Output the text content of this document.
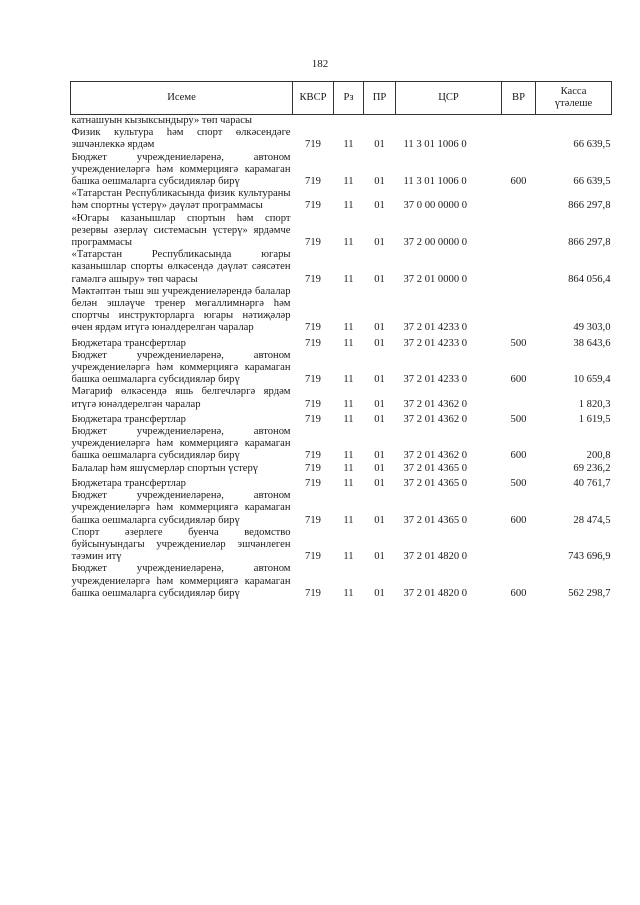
182
Исеме	КВСР	Рз	ПР	ЦСР	ВР	Касса
үтәлеше

катнашуын кызыксындыру» төп чарасы						
Физик культура һәм спорт өлкәсендәге эшчәнлеккә ярдәм	719	11	01	11 3 01 1006 0		66 639,5
Бюджет учреждениеләренә, автоном учреждениеләргә һәм коммерциягә карамаган башка оешмаларга субсидияләр бирү	719	11	01	11 3 01 1006 0	600	66 639,5
«Татарстан Республикасында физик культураны һәм спортны үстерү» дәүләт программасы	719	11	01	37 0 00 0000 0		866 297,8
«Югары казанышлар спортын һәм спорт резервы әзерләү системасын үстерү» ярдәмче программасы	719	11	01	37 2 00 0000 0		866 297,8
«Татарстан Республикасында югары казанышлар спорты өлкәсендә дәүләт сәясәтен гамәлгә ашыру» төп чарасы	719	11	01	37 2 01 0000 0		864 056,4
Мәктәптән тыш эш учреждениеләрендә балалар белән эшләүче тренер мөгаллимнәргә һәм спортчы инструкторларга югары нәтиҗәләр өчен ярдәм итүгә юнәлдерелгән чаралар	719	11	01	37 2 01 4233 0		49 303,0
Бюджетара трансфертлар	719	11	01	37 2 01 4233 0	500	38 643,6
Бюджет учреждениеләренә, автоном учреждениеләргә һәм коммерциягә карамаган башка оешмаларга субсидияләр бирү	719	11	01	37 2 01 4233 0	600	10 659,4
Мәгариф өлкәсендә яшь белгечләргә ярдәм итүгә юнәлдерелгән чаралар	719	11	01	37 2 01 4362 0		1 820,3
Бюджетара трансфертлар	719	11	01	37 2 01 4362 0	500	1 619,5
Бюджет учреждениеләренә, автоном учреждениеләргә һәм коммерциягә карамаган башка оешмаларга субсидияләр бирү	719	11	01	37 2 01 4362 0	600	200,8
Балалар һәм яшүсмерләр спортын үстерү	719	11	01	37 2 01 4365 0		69 236,2
Бюджетара трансфертлар	719	11	01	37 2 01 4365 0	500	40 761,7
Бюджет учреждениеләренә, автоном учреждениеләргә һәм коммерциягә карамаган башка оешмаларга субсидияләр бирү	719	11	01	37 2 01 4365 0	600	28 474,5
Спорт әзерлеге буенча ведомство буйсынуындагы учреждениеләр эшчәнлеген тәэмин итү	719	11	01	37 2 01 4820 0		743 696,9
Бюджет учреждениеләренә, автоном учреждениеләргә һәм коммерциягә карамаган башка оешмаларга субсидияләр бирү	719	11	01	37 2 01 4820 0	600	562 298,7
